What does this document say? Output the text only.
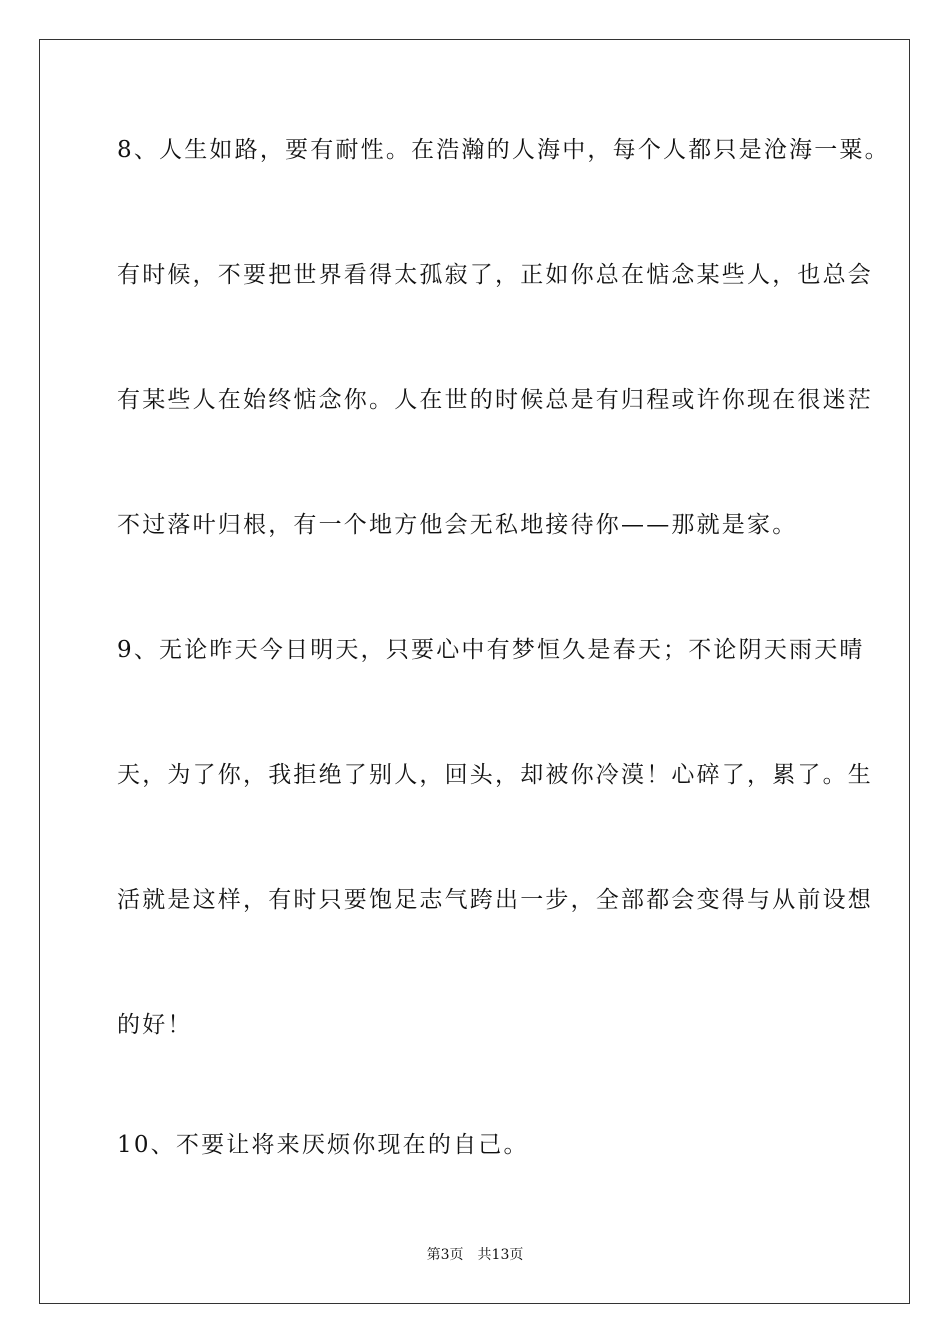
8、人生如路，要有耐性。在浩瀚的人海中，每个人都只是沧海一粟。
有时候，不要把世界看得太孤寂了，正如你总在惦念某些人，也总会
有某些人在始终惦念你。人在世的时候总是有归程或许你现在很迷茫
不过落叶归根，有一个地方他会无私地接待你——那就是家。
9、无论昨天今日明天，只要心中有梦恒久是春天；不论阴天雨天晴
天，为了你，我拒绝了别人，回头，却被你冷漠！心碎了，累了。生
活就是这样，有时只要饱足志气跨出一步，全部都会变得与从前设想
的好！
10、不要让将来厌烦你现在的自己。
第3页 共13页
